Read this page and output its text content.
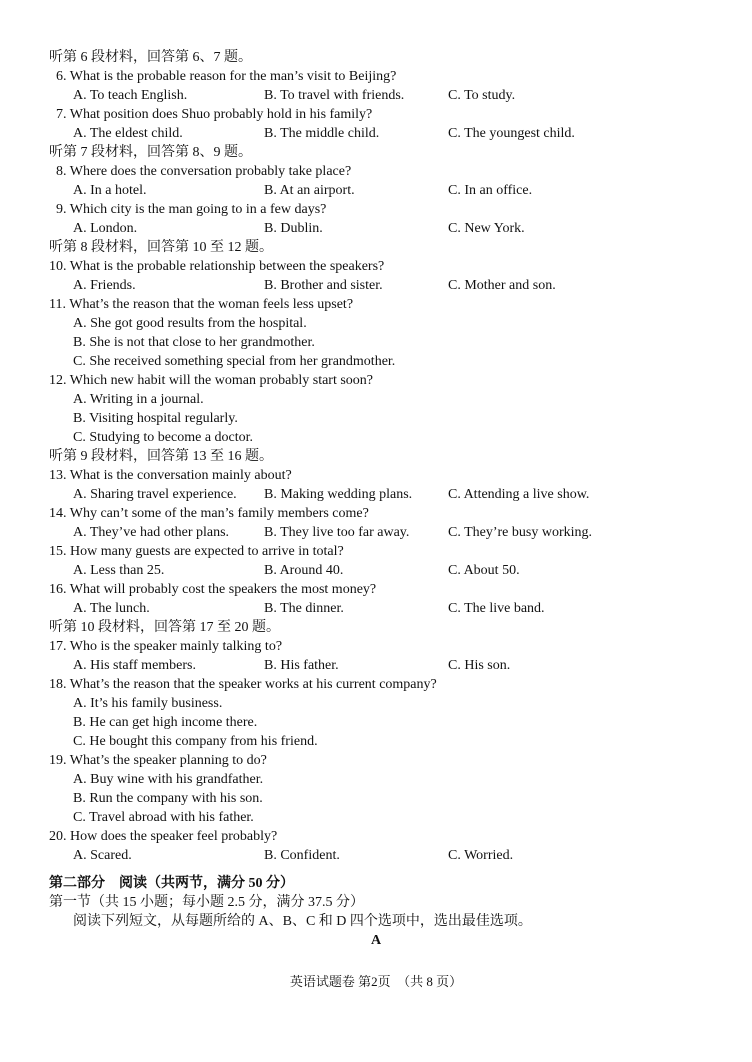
听第 6 段材料，回答第 6、7 题。
6. What is the probable reason for the man’s visit to Beijing?
A. To teach English.	B. To travel with friends.	C. To study.
7. What position does Shuo probably hold in his family?
A. The eldest child.	B. The middle child.	C. The youngest child.
听第 7 段材料，回答第 8、9 题。
8. Where does the conversation probably take place?
A. In a hotel.	B. At an airport.	C. In an office.
9. Which city is the man going to in a few days?
A. London.	B. Dublin.	C. New York.
听第 8 段材料，回答第 10 至 12 题。
10. What is the probable relationship between the speakers?
A. Friends.	B. Brother and sister.	C. Mother and son.
11. What’s the reason that the woman feels less upset?
A. She got good results from the hospital.
B. She is not that close to her grandmother.
C. She received something special from her grandmother.
12. Which new habit will the woman probably start soon?
A. Writing in a journal.
B. Visiting hospital regularly.
C. Studying to become a doctor.
听第 9 段材料，回答第 13 至 16 题。
13. What is the conversation mainly about?
A. Sharing travel experience. B. Making wedding plans.	C. Attending a live show.
14. Why can’t some of the man’s family members come?
A. They’ve had other plans. B. They live too far away.	C. They’re busy working.
15. How many guests are expected to arrive in total?
A. Less than 25.	B. Around 40.	C. About 50.
16. What will probably cost the speakers the most money?
A. The lunch.	B. The dinner.	C. The live band.
听第 10 段材料，回答第 17 至 20 题。
17. Who is the speaker mainly talking to?
A. His staff members.	B. His father.	C. His son.
18. What’s the reason that the speaker works at his current company?
A. It’s his family business.
B. He can get high income there.
C. He bought this company from his friend.
19. What’s the speaker planning to do?
A. Buy wine with his grandfather.
B. Run the company with his son.
C. Travel abroad with his father.
20. How does the speaker feel probably?
A. Scared.	B. Confident.	C. Worried.
第二部分　阅读（共两节，满分 50 分）
第一节（共 15 小题；每小题 2.5 分，满分 37.5 分）
阅读下列短文，从每题所给的 A、B、C 和 D 四个选项中，选出最佳选项。
A
英语试题卷 第2页　（共 8 页）
